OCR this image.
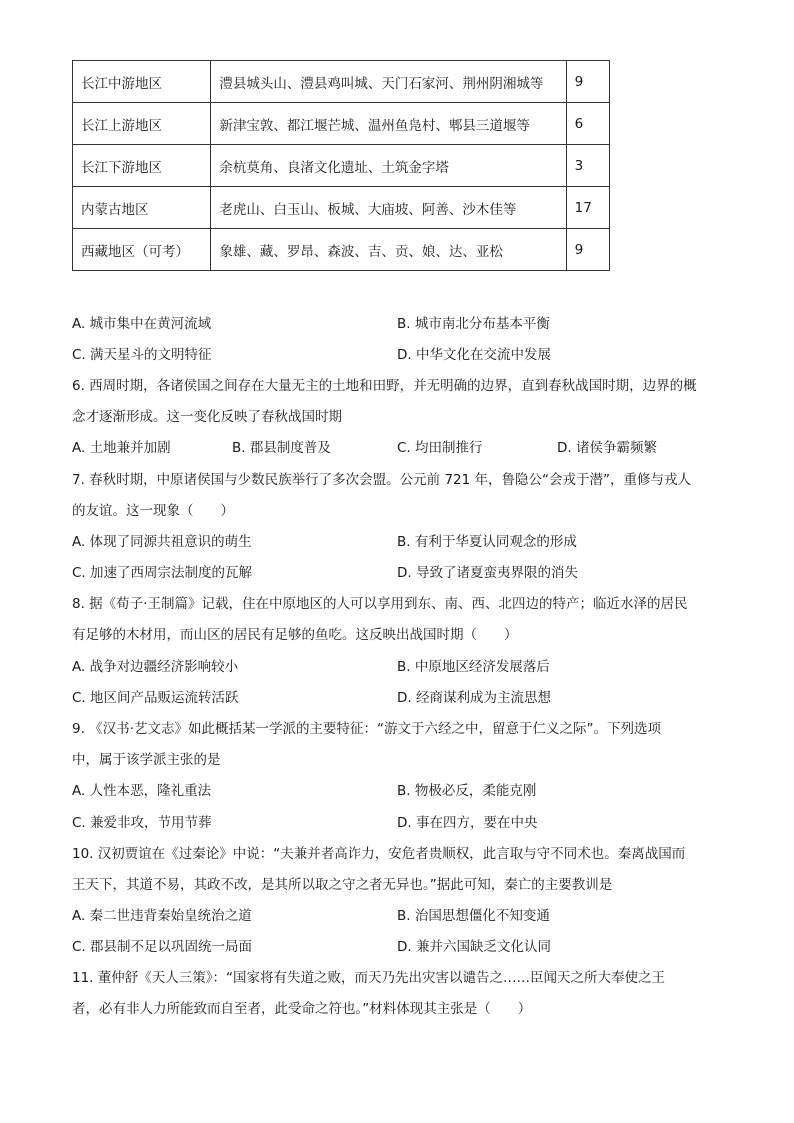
长江中游地区	澧县城头山、澧县鸡叫城、天门石家河、荆州阴湘城等	9
长江上游地区	新津宝敦、都江堰芒城、温州鱼凫村、郫县三道堰等	6
长江下游地区	余杭莫角、良渚文化遗址、土筑金字塔	3
内蒙古地区	老虎山、白玉山、板城、大庙坡、阿善、沙木佳等	17
西藏地区（可考）	象雄、藏、罗昂、森波、吉、贡、娘、达、亚松	9
A. 城市集中在黄河流域	B. 城市南北分布基本平衡
C. 满天星斗的文明特征	D. 中华文化在交流中发展
6. 西周时期，各诸侯国之间存在大量无主的土地和田野，并无明确的边界，直到春秋战国时期，边界的概
念才逐渐形成。这一变化反映了春秋战国时期
A. 土地兼并加剧	B. 郡县制度普及	C. 均田制推行	D. 诸侯争霸频繁
7. 春秋时期，中原诸侯国与少数民族举行了多次会盟。公元前 721 年，鲁隐公“会戎于潜”，重修与戎人
的友谊。这一现象（　　）
A. 体现了同源共祖意识的萌生	B. 有利于华夏认同观念的形成
C. 加速了西周宗法制度的瓦解	D. 导致了诸夏蛮夷界限的消失
8. 据《荀子·王制篇》记载，住在中原地区的人可以享用到东、南、西、北四边的特产；临近水泽的居民
有足够的木材用，而山区的居民有足够的鱼吃。这反映出战国时期（　　）
A. 战争对边疆经济影响较小	B. 中原地区经济发展落后
C. 地区间产品贩运流转活跃	D. 经商谋利成为主流思想
9. 《汉书·艺文志》如此概括某一学派的主要特征：“游文于六经之中，留意于仁义之际”。下列选项
中，属于该学派主张的是
A. 人性本恶，隆礼重法	B. 物极必反，柔能克刚
C. 兼爱非攻，节用节葬	D. 事在四方，要在中央
10. 汉初贾谊在《过秦论》中说：“夫兼并者高诈力，安危者贵顺权，此言取与守不同术也。秦离战国而
王天下，其道不易，其政不改，是其所以取之守之者无异也。”据此可知，秦亡的主要教训是
A. 秦二世违背秦始皇统治之道	B. 治国思想僵化不知变通
C. 郡县制不足以巩固统一局面	D. 兼并六国缺乏文化认同
11. 董仲舒《天人三策》：“国家将有失道之败，而天乃先出灾害以谴告之……臣闻天之所大奉使之王
者，必有非人力所能致而自至者，此受命之符也。”材料体现其主张是（　　）
